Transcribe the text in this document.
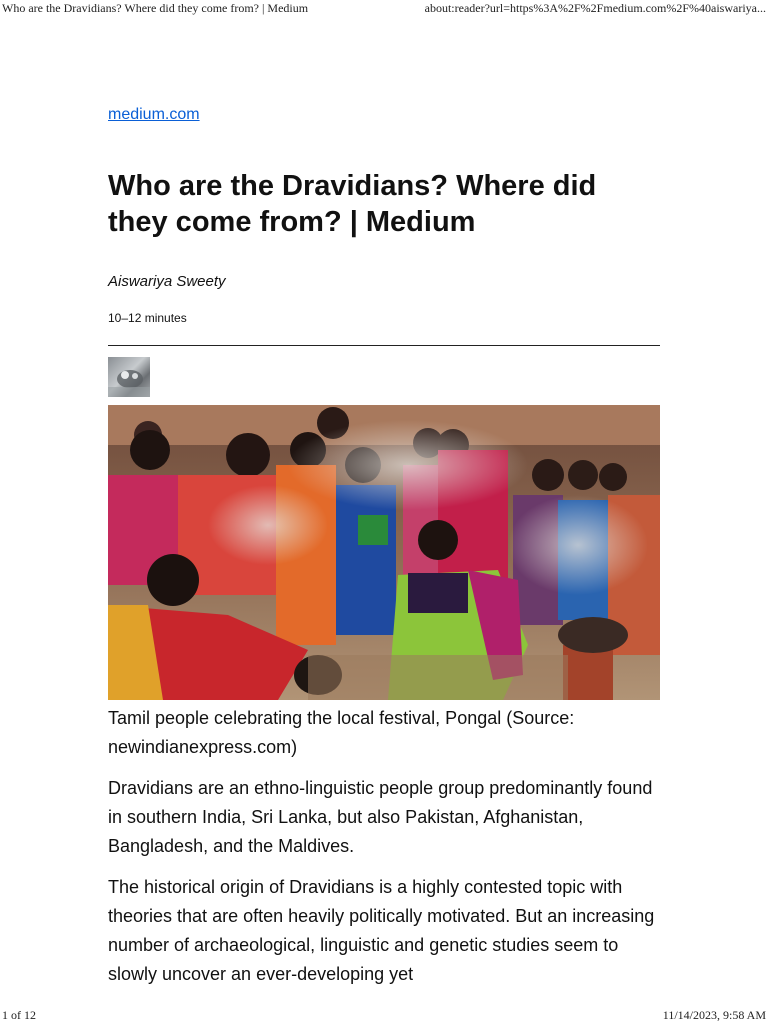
Who are the Dravidians? Where did they come from? | Medium	about:reader?url=https%3A%2F%2Fmedium.com%2F%40aiswariya...
medium.com
Who are the Dravidians? Where did they come from? | Medium
Aiswariya Sweety
10–12 minutes

Tamil people celebrating the local festival, Pongal (Source: newindianexpress.com)

Dravidians are an ethno-linguistic people group predominantly found in southern India, Sri Lanka, but also Pakistan, Afghanistan, Bangladesh, and the Maldives.

The historical origin of Dravidians is a highly contested topic with theories that are often heavily politically motivated. But an increasing number of archaeological, linguistic and genetic studies seem to slowly uncover an ever-developing yet

1 of 12	11/14/2023, 9:58 AM
